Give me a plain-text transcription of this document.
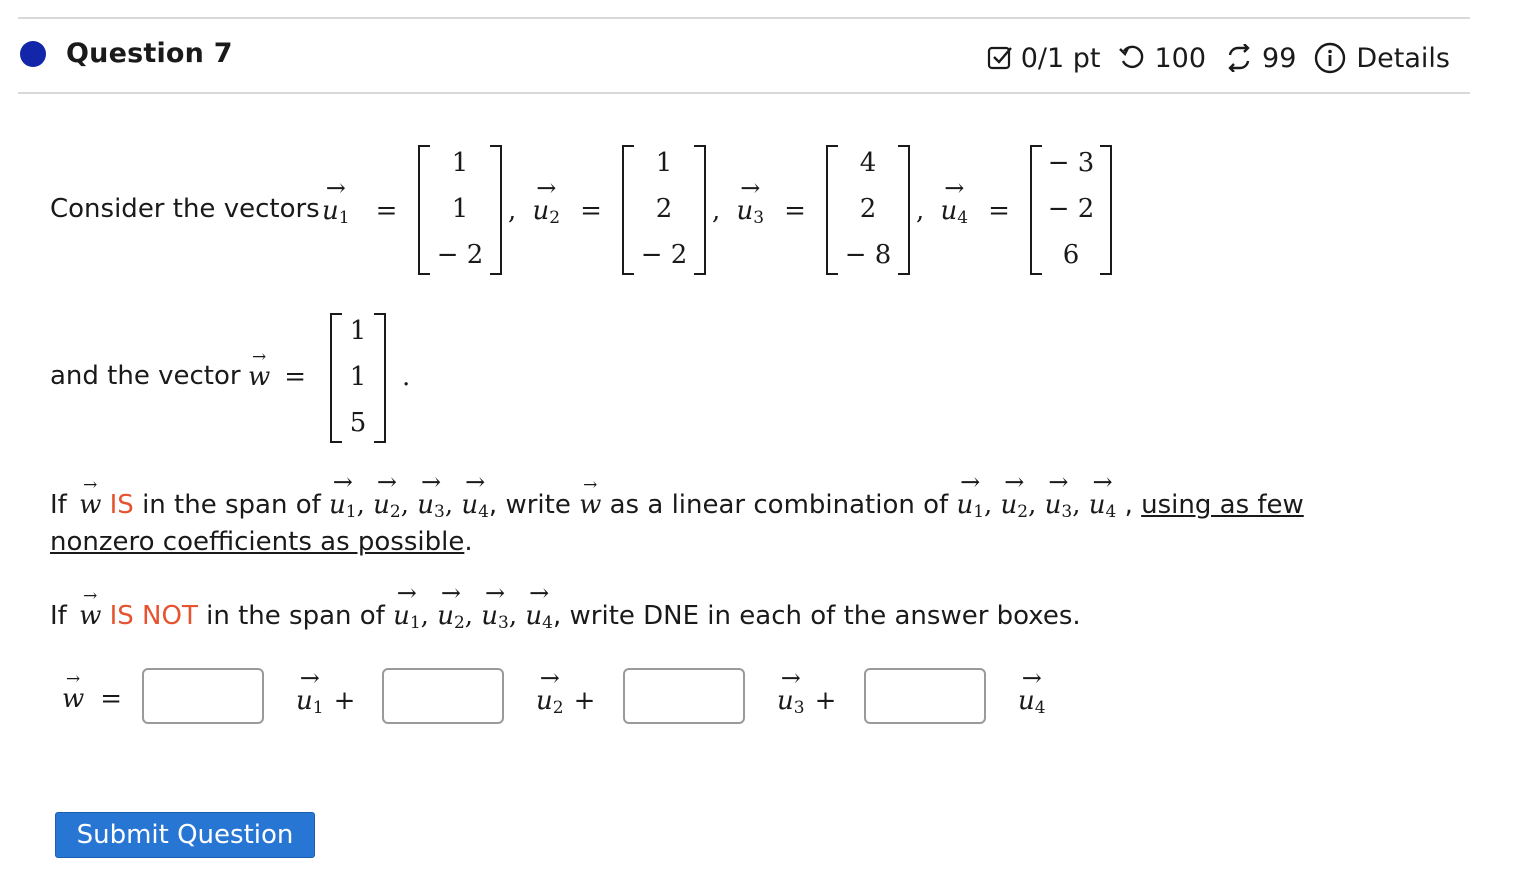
Question 7	0/1 pt 100 99 Details
Consider the vectors $u_1$
→
=
1
1
− 2
, $u_2$
→
=
1
2
− 2
, $u_3$
→
=
4
2
− 8
, $u_4$
→
=
− 3
− 2
6
and the vector w
→
=
1
1
5
.
If w
→
IS in the span of $u_1$
→
, $u_2$
→
, $u_3$
→
, $u_4$
→
, write w
→
as a linear combination of $u_1$
→
, $u_2$
→
, $u_3$
→
, $u_4$
→
, using as few
nonzero coefficients as possible.
If w
→
IS NOT in the span of $u_1$
→
, $u_2$
→
, $u_3$
→
, $u_4$
→
, write DNE in each of the answer boxes.
w
→
=	$u_1$
→
+	$u_2$
→
+	$u_3$
→
+	$u_4$
→
Submit Question
